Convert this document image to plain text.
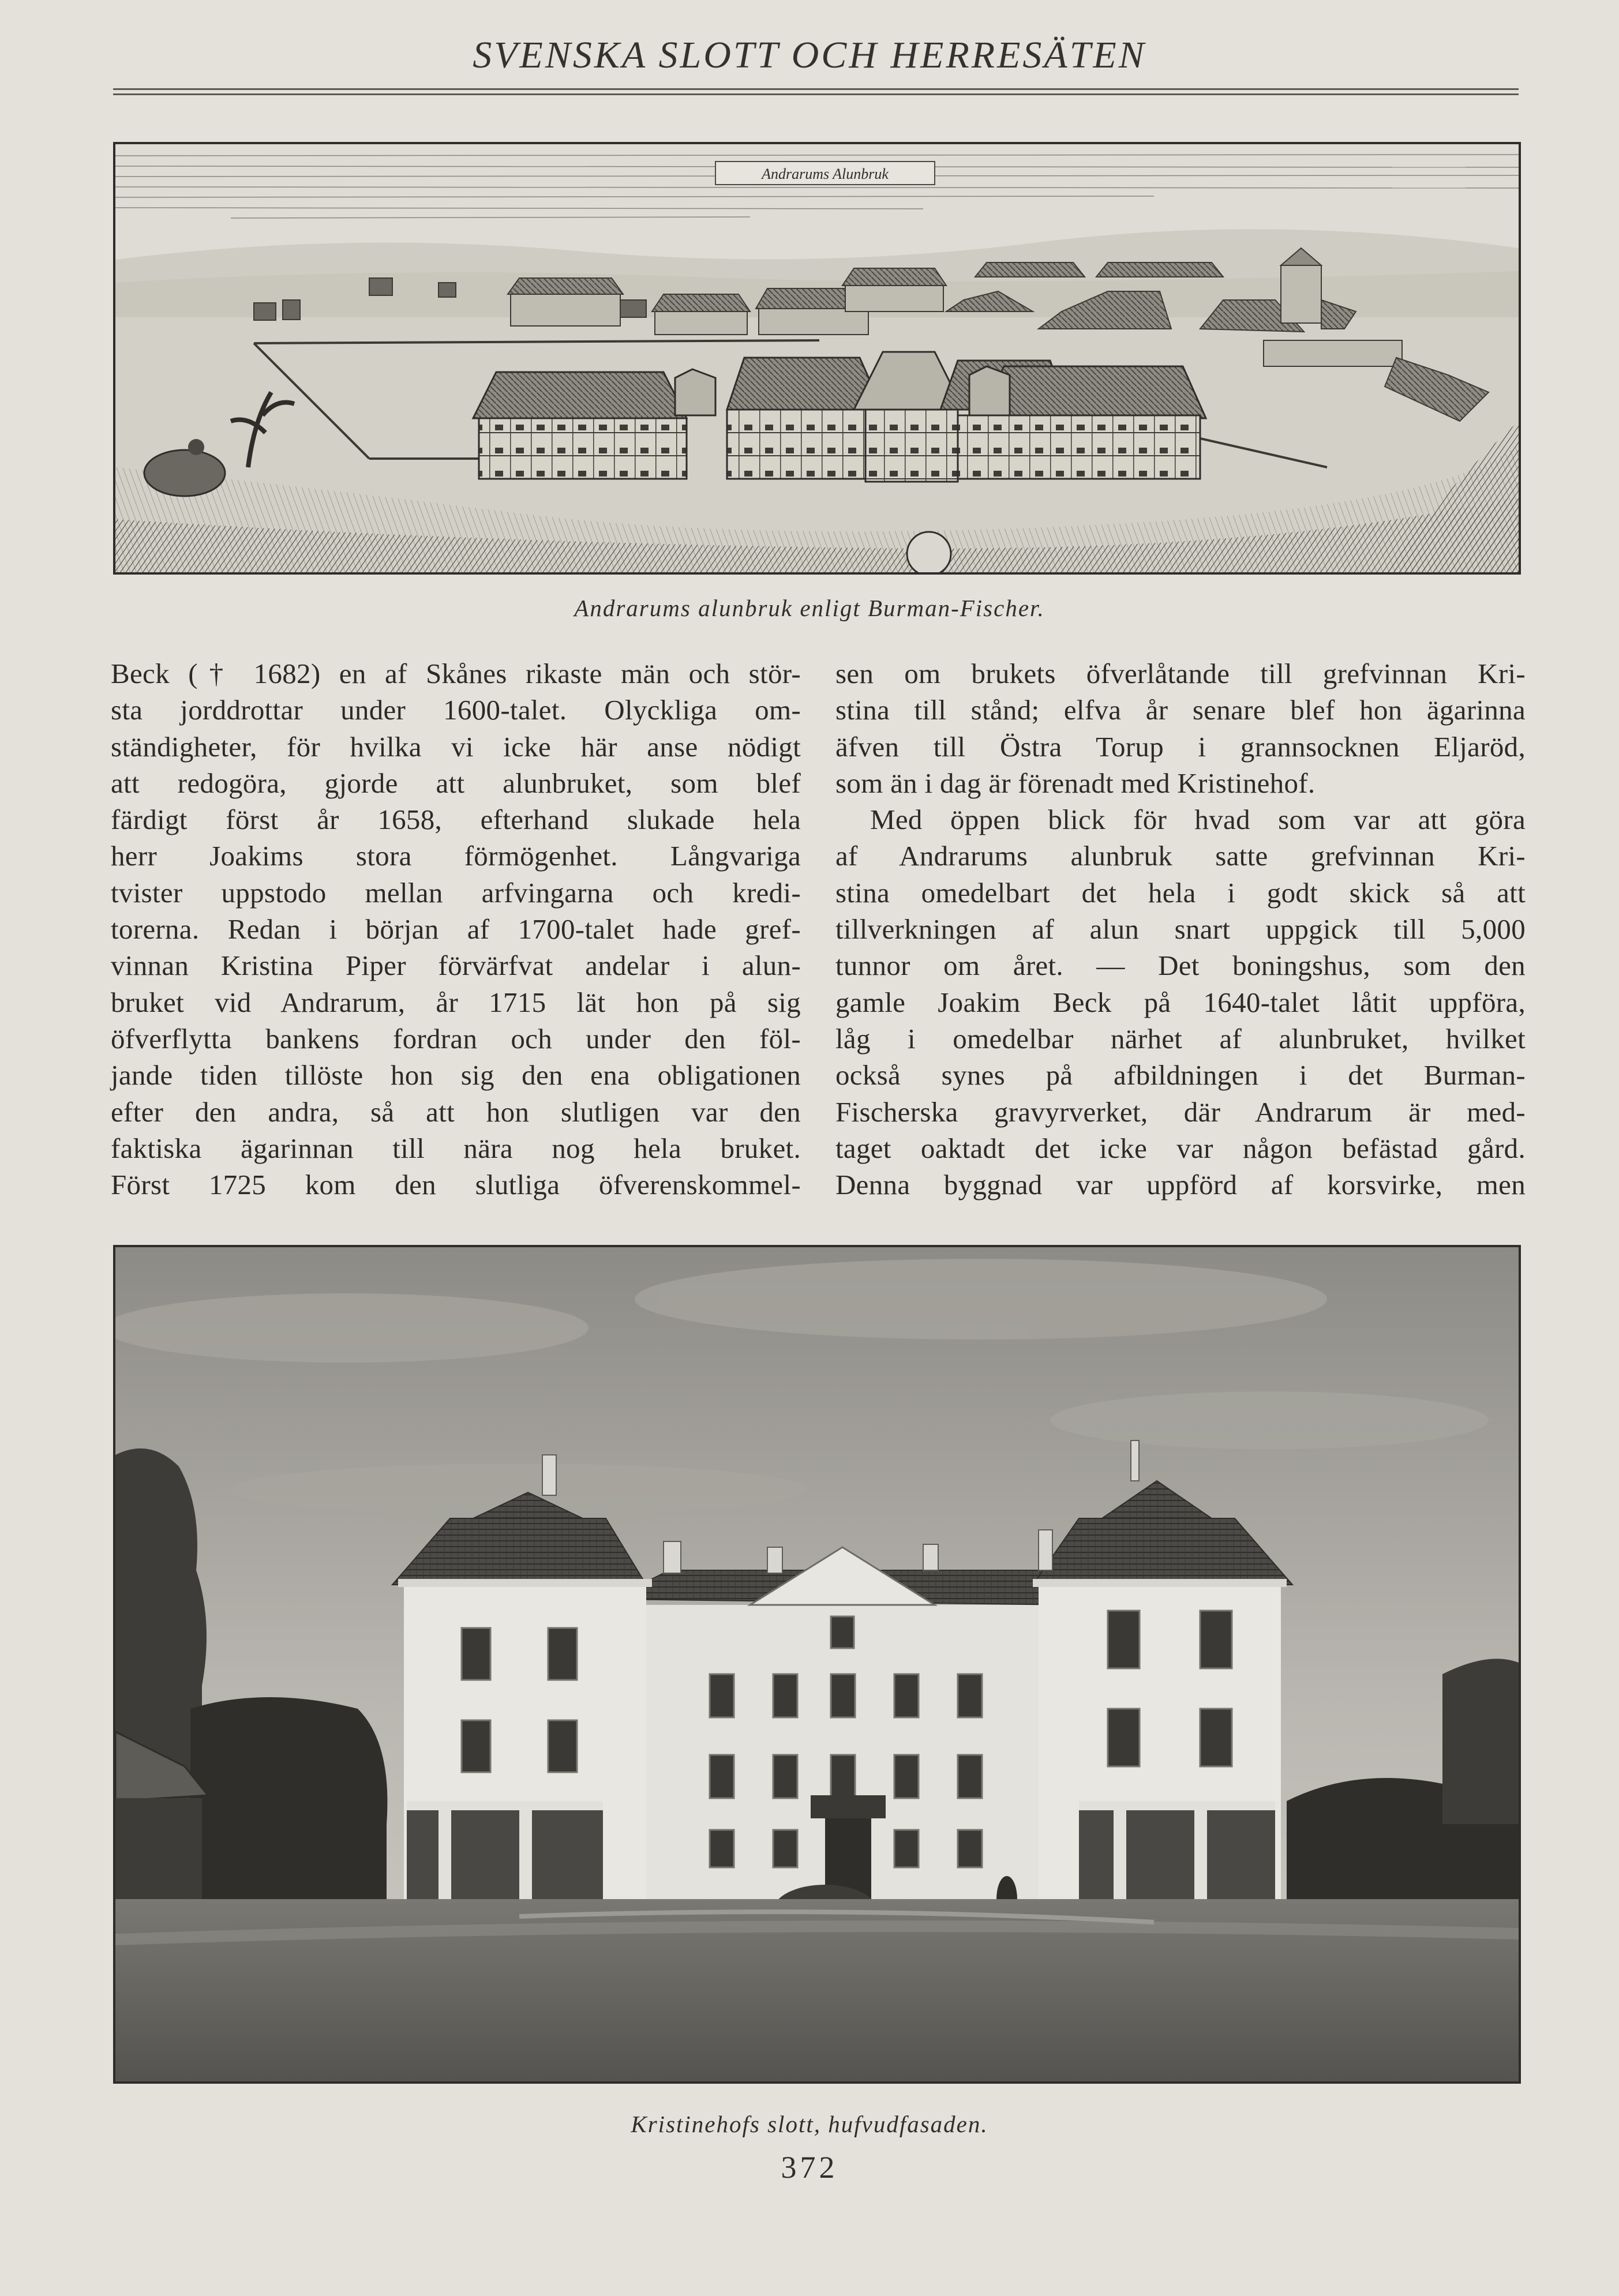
SVENSKA SLOTT OCH HERRESÄTEN
Andrarums Alunbruk
Andrarums alunbruk enligt Burman-Fischer.
Beck († 1682) en af Skånes rikaste män och stör-
sta jorddrottar under 1600-talet. Olyckliga om-
ständigheter, för hvilka vi icke här anse nödigt
att redogöra, gjorde att alunbruket, som blef
färdigt först år 1658, efterhand slukade hela
herr Joakims stora förmögenhet. Långvariga
tvister uppstodo mellan arfvingarna och kredi-
torerna. Redan i början af 1700-talet hade gref-
vinnan Kristina Piper förvärfvat andelar i alun-
bruket vid Andrarum, år 1715 lät hon på sig
öfverflytta bankens fordran och under den föl-
jande tiden tillöste hon sig den ena obligationen
efter den andra, så att hon slutligen var den
faktiska ägarinnan till nära nog hela bruket.
Först 1725 kom den slutliga öfverenskommel-
sen om brukets öfverlåtande till grefvinnan Kri-
stina till stånd; elfva år senare blef hon ägarinna
äfven till Östra Torup i grannsocknen Eljaröd,
som än i dag är förenadt med Kristinehof.
Med öppen blick för hvad som var att göra
af Andrarums alunbruk satte grefvinnan Kri-
stina omedelbart det hela i godt skick så att
tillverkningen af alun snart uppgick till 5,000
tunnor om året. — Det boningshus, som den
gamle Joakim Beck på 1640-talet låtit uppföra,
låg i omedelbar närhet af alunbruket, hvilket
också synes på afbildningen i det Burman-
Fischerska gravyrverket, där Andrarum är med-
taget oaktadt det icke var någon befästad gård.
Denna byggnad var uppförd af korsvirke, men
Kristinehofs slott, hufvudfasaden.
372
